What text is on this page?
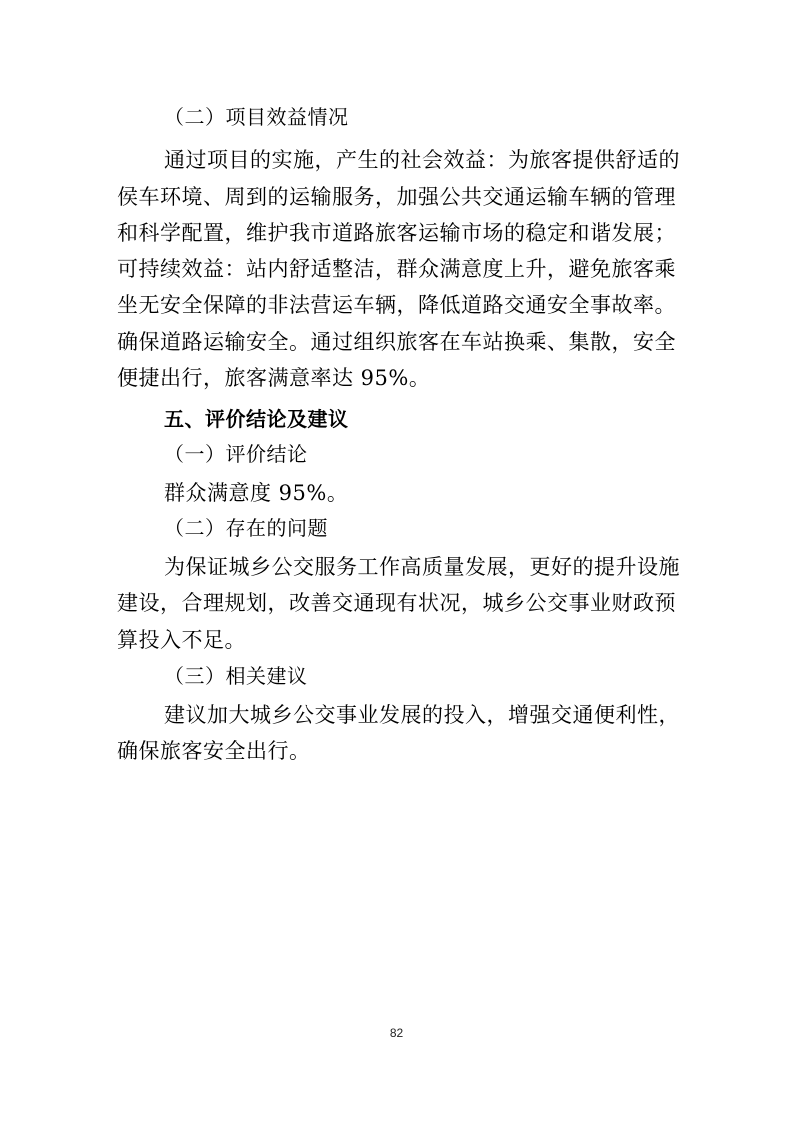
（二）项目效益情况
通过项目的实施，产生的社会效益：为旅客提供舒适的
侯车环境、周到的运输服务，加强公共交通运输车辆的管理
和科学配置，维护我市道路旅客运输市场的稳定和谐发展；
可持续效益：站内舒适整洁，群众满意度上升，避免旅客乘
坐无安全保障的非法营运车辆，降低道路交通安全事故率。
确保道路运输安全。通过组织旅客在车站换乘、集散，安全
便捷出行，旅客满意率达 95%。
五、评价结论及建议
（一）评价结论
群众满意度 95%。
（二）存在的问题
为保证城乡公交服务工作高质量发展，更好的提升设施
建设，合理规划，改善交通现有状况，城乡公交事业财政预
算投入不足。
（三）相关建议
建议加大城乡公交事业发展的投入，增强交通便利性，
确保旅客安全出行。
82
